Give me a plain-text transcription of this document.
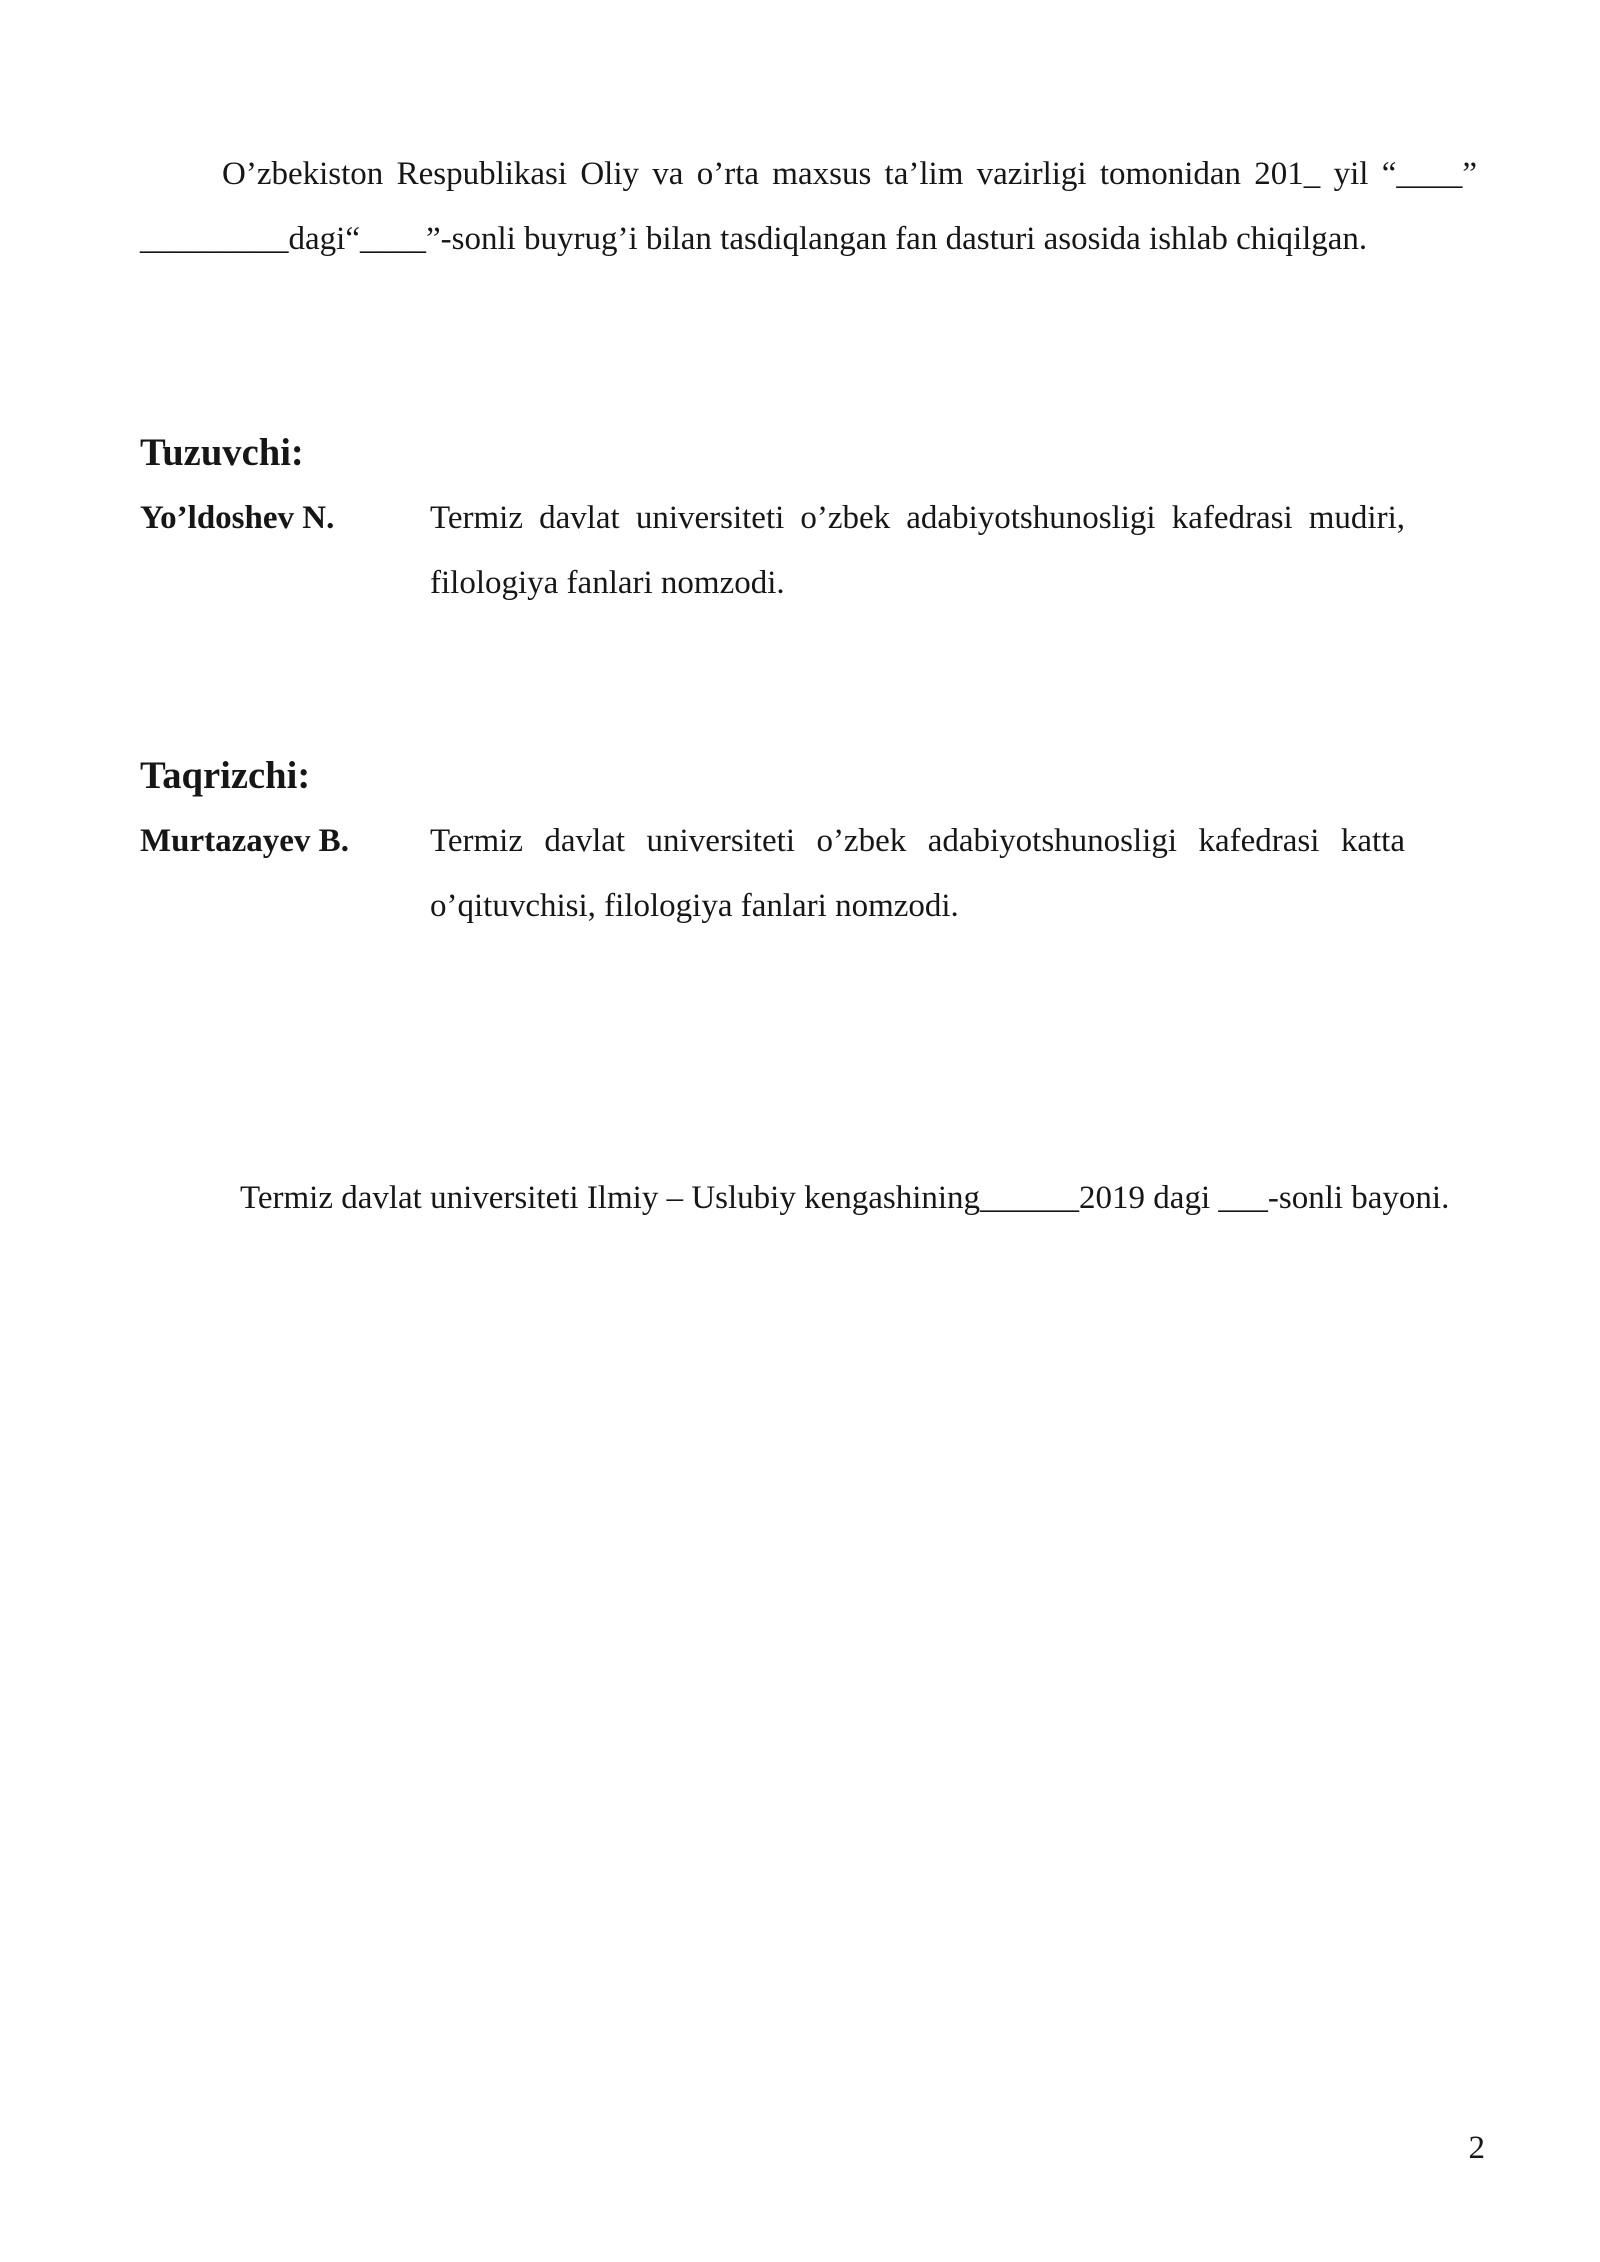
O’zbekiston Respublikasi Oliy va o’rta maxsus ta’lim vazirligi tomonidan 201_ yil “____” _________dagi“____”-sonli buyrug’i bilan tasdiqlangan fan dasturi asosida ishlab chiqilgan.

Tuzuvchi:
Yo’ldoshev N.	Termiz davlat universiteti o’zbek adabiyotshunosligi kafedrasi mudiri, filologiya fanlari nomzodi.
Taqrizchi:
Murtazayev B.	Termiz davlat universiteti o’zbek adabiyotshunosligi kafedrasi katta o’qituvchisi, filologiya fanlari nomzodi.

Termiz davlat universiteti Ilmiy – Uslubiy kengashining______2019 dagi ___-sonli bayoni.

2
